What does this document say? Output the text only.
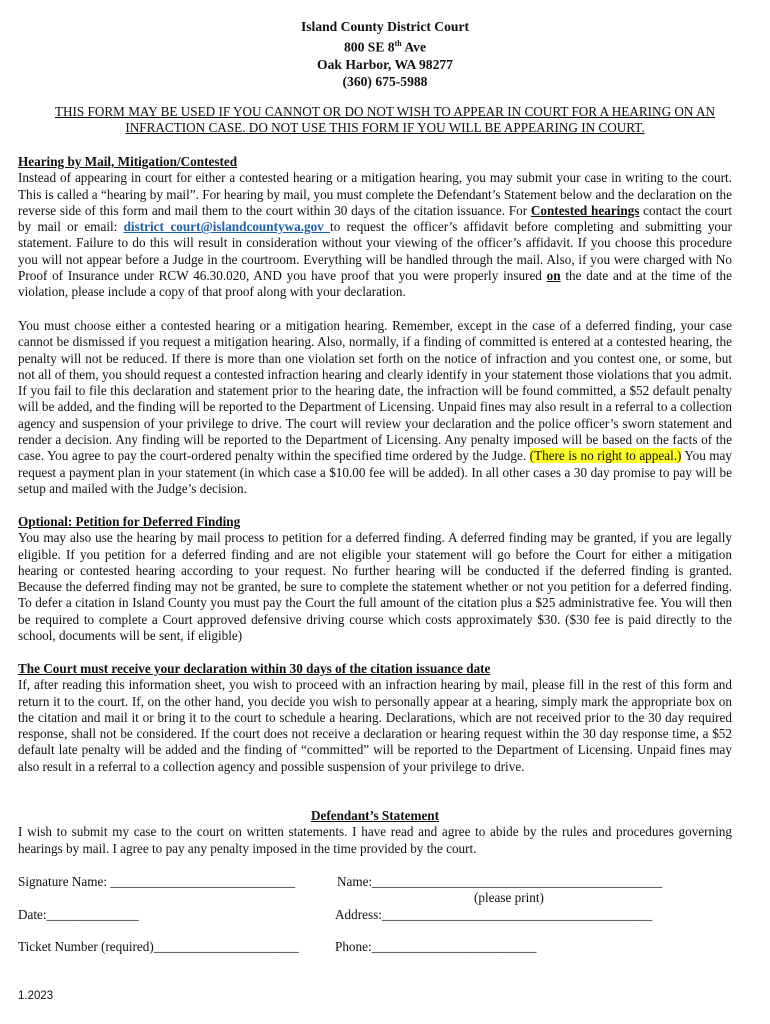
Island County District Court
800 SE 8th Ave
Oak Harbor, WA 98277
(360) 675-5988
THIS FORM MAY BE USED IF YOU CANNOT OR DO NOT WISH TO APPEAR IN COURT FOR A HEARING ON AN INFRACTION CASE. DO NOT USE THIS FORM IF YOU WILL BE APPEARING IN COURT.
Hearing by Mail, Mitigation/Contested

Instead of appearing in court for either a contested hearing or a mitigation hearing, you may submit your case in writing to the court. This is called a “hearing by mail”. For hearing by mail, you must complete the Defendant’s Statement below and the declaration on the reverse side of this form and mail them to the court within 30 days of the citation issuance. For Contested hearings contact the court by mail or email: district_court@islandcountywa.gov to request the officer’s affidavit before completing and submitting your statement. Failure to do this will result in consideration without your viewing of the officer’s affidavit. If you choose this procedure you will not appear before a Judge in the courtroom. Everything will be handled through the mail. Also, if you were charged with No Proof of Insurance under RCW 46.30.020, AND you have proof that you were properly insured on the date and at the time of the violation, please include a copy of that proof along with your declaration.

You must choose either a contested hearing or a mitigation hearing. Remember, except in the case of a deferred finding, your case cannot be dismissed if you request a mitigation hearing. Also, normally, if a finding of committed is entered at a contested hearing, the penalty will not be reduced. If there is more than one violation set forth on the notice of infraction and you contest one, or some, but not all of them, you should request a contested infraction hearing and clearly identify in your statement those violations that you admit. If you fail to file this declaration and statement prior to the hearing date, the infraction will be found committed, a $52 default penalty will be added, and the finding will be reported to the Department of Licensing. Unpaid fines may also result in a referral to a collection agency and suspension of your privilege to drive. The court will review your declaration and the police officer’s sworn statement and render a decision. Any finding will be reported to the Department of Licensing. Any penalty imposed will be based on the facts of the case. You agree to pay the court-ordered penalty within the specified time ordered by the Judge. (There is no right to appeal.) You may request a payment plan in your statement (in which case a $10.00 fee will be added). In all other cases a 30 day promise to pay will be setup and mailed with the Judge’s decision.

Optional: Petition for Deferred Finding

You may also use the hearing by mail process to petition for a deferred finding. A deferred finding may be granted, if you are legally eligible. If you petition for a deferred finding and are not eligible your statement will go before the Court for either a mitigation hearing or contested hearing according to your request. No further hearing will be conducted if the deferred finding is granted. Because the deferred finding may not be granted, be sure to complete the statement whether or not you petition for a deferred finding. To defer a citation in Island County you must pay the Court the full amount of the citation plus a $25 administrative fee. You will then be required to complete a Court approved defensive driving course which costs approximately $30. ($30 fee is paid directly to the school, documents will be sent, if eligible)

The Court must receive your declaration within 30 days of the citation issuance date

If, after reading this information sheet, you wish to proceed with an infraction hearing by mail, please fill in the rest of this form and return it to the court. If, on the other hand, you decide you wish to personally appear at a hearing, simply mark the appropriate box on the citation and mail it or bring it to the court to schedule a hearing. Declarations, which are not received prior to the 30 day required response, shall not be considered. If the court does not receive a declaration or hearing request within the 30 day response time, a $52 default late penalty will be added and the finding of “committed” will be reported to the Department of Licensing. Unpaid fines may also result in a referral to a collection agency and possible suspension of your privilege to drive.

Defendant’s Statement

I wish to submit my case to the court on written statements. I have read and agree to abide by the rules and procedures governing hearings by mail. I agree to pay any penalty imposed in the time provided by the court.

Signature Name: ____________________________	Name:____________________________________________
(please print)
Date:______________	Address:_________________________________________
Ticket Number (required)______________________	Phone:_________________________
1.2023
